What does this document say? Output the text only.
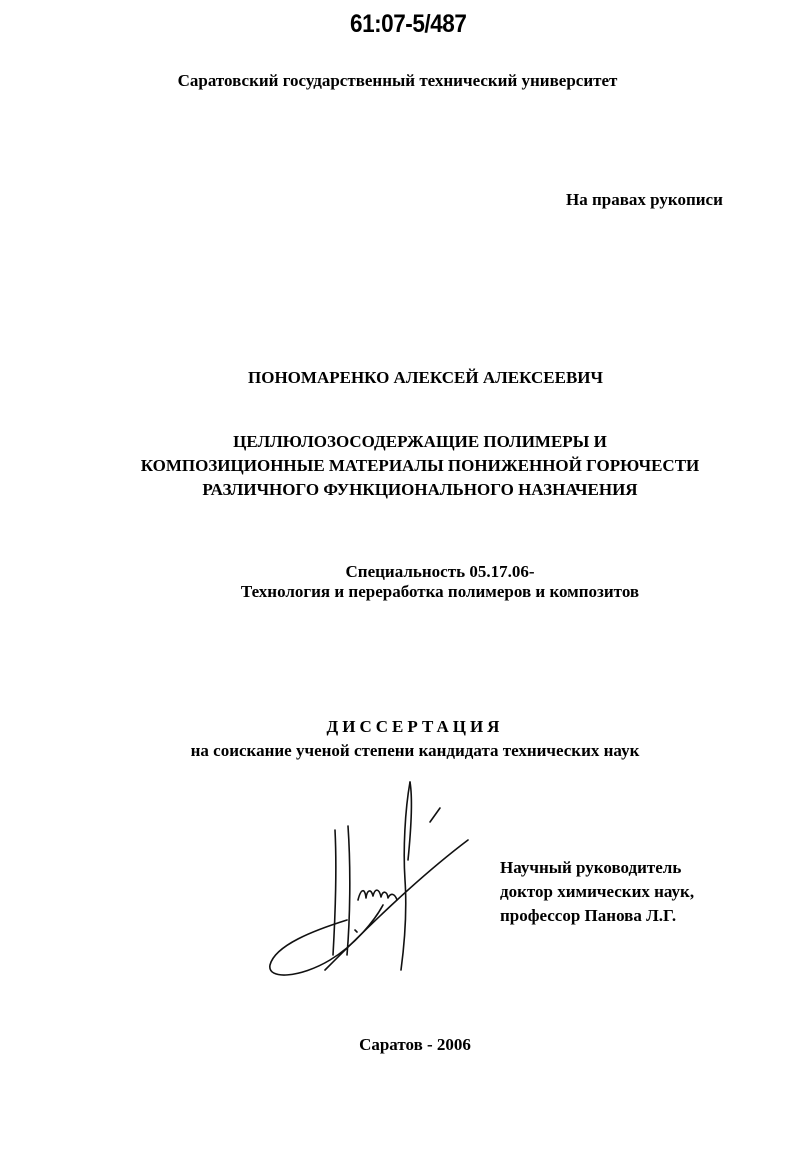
61:07-5/487
Саратовский государственный технический университет
На правах рукописи
ПОНОМАРЕНКО АЛЕКСЕЙ АЛЕКСЕЕВИЧ
ЦЕЛЛЮЛОЗОСОДЕРЖАЩИЕ ПОЛИМЕРЫ И
КОМПОЗИЦИОННЫЕ МАТЕРИАЛЫ ПОНИЖЕННОЙ ГОРЮЧЕСТИ
РАЗЛИЧНОГО ФУНКЦИОНАЛЬНОГО НАЗНАЧЕНИЯ
Специальность 05.17.06-
Технология и переработка полимеров и композитов
ДИССЕРТАЦИЯ
на соискание ученой степени кандидата технических наук
Научный руководитель
доктор химических наук,
профессор Панова Л.Г.
Саратов - 2006
